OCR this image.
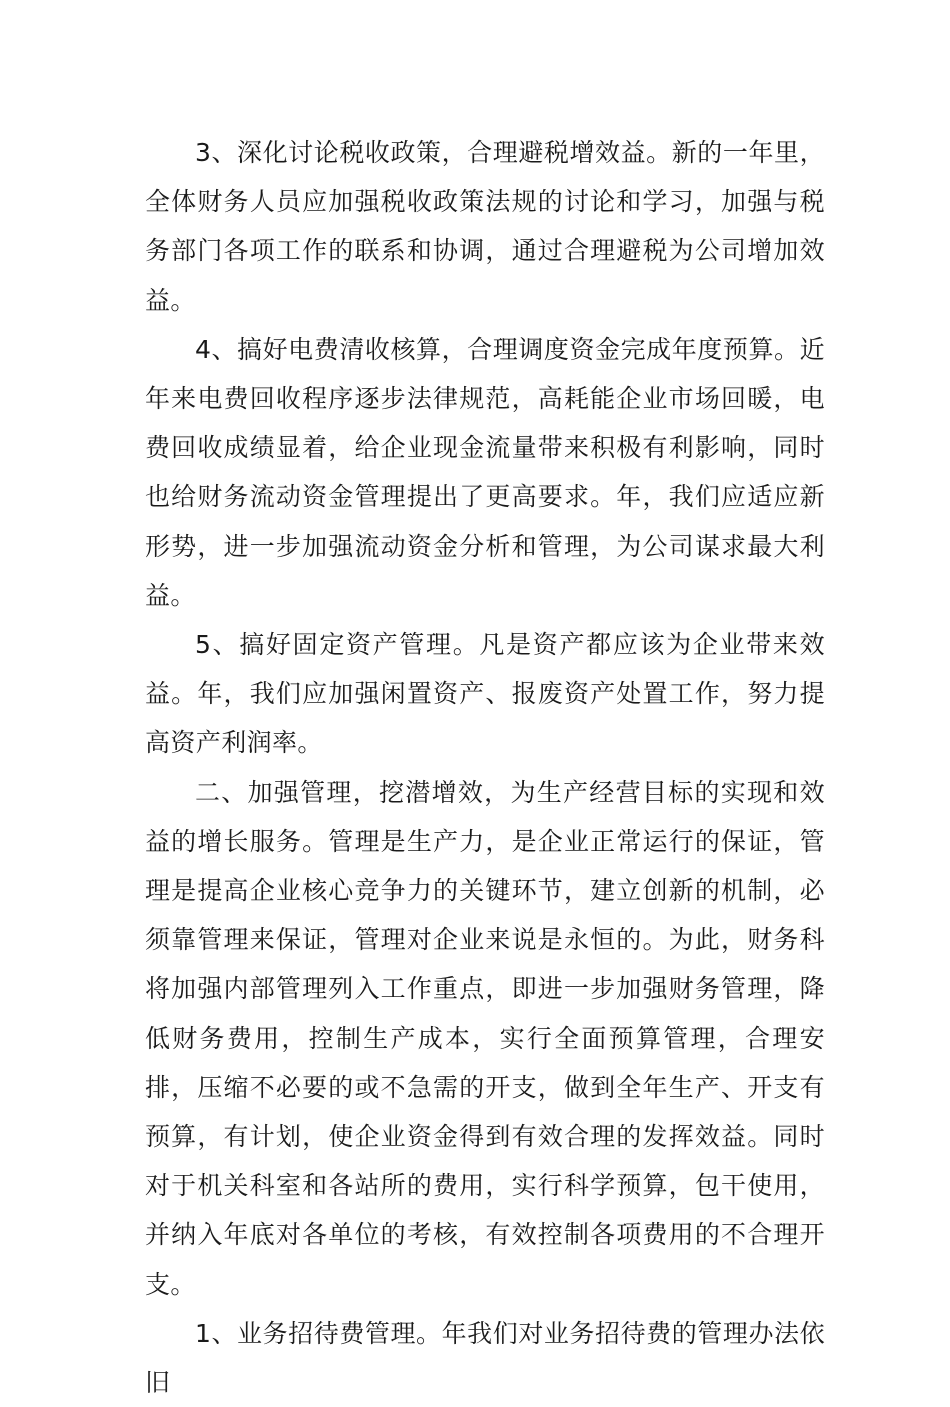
3、深化讨论税收政策，合理避税增效益。新的一年里，全体财务人员应加强税收政策法规的讨论和学习，加强与税务部门各项工作的联系和协调，通过合理避税为公司增加效益。

4、搞好电费清收核算，合理调度资金完成年度预算。近年来电费回收程序逐步法律规范，高耗能企业市场回暖，电费回收成绩显着，给企业现金流量带来积极有利影响，同时也给财务流动资金管理提出了更高要求。年，我们应适应新形势，进一步加强流动资金分析和管理，为公司谋求最大利益。

5、搞好固定资产管理。凡是资产都应该为企业带来效益。年，我们应加强闲置资产、报废资产处置工作，努力提高资产利润率。

二、加强管理，挖潜增效，为生产经营目标的实现和效益的增长服务。管理是生产力，是企业正常运行的保证，管理是提高企业核心竞争力的关键环节，建立创新的机制，必须靠管理来保证，管理对企业来说是永恒的。为此，财务科将加强内部管理列入工作重点，即进一步加强财务管理，降低财务费用，控制生产成本，实行全面预算管理，合理安排，压缩不必要的或不急需的开支，做到全年生产、开支有预算，有计划，使企业资金得到有效合理的发挥效益。同时对于机关科室和各站所的费用，实行科学预算，包干使用，并纳入年底对各单位的考核，有效控制各项费用的不合理开支。

1、业务招待费管理。年我们对业务招待费的管理办法依旧
